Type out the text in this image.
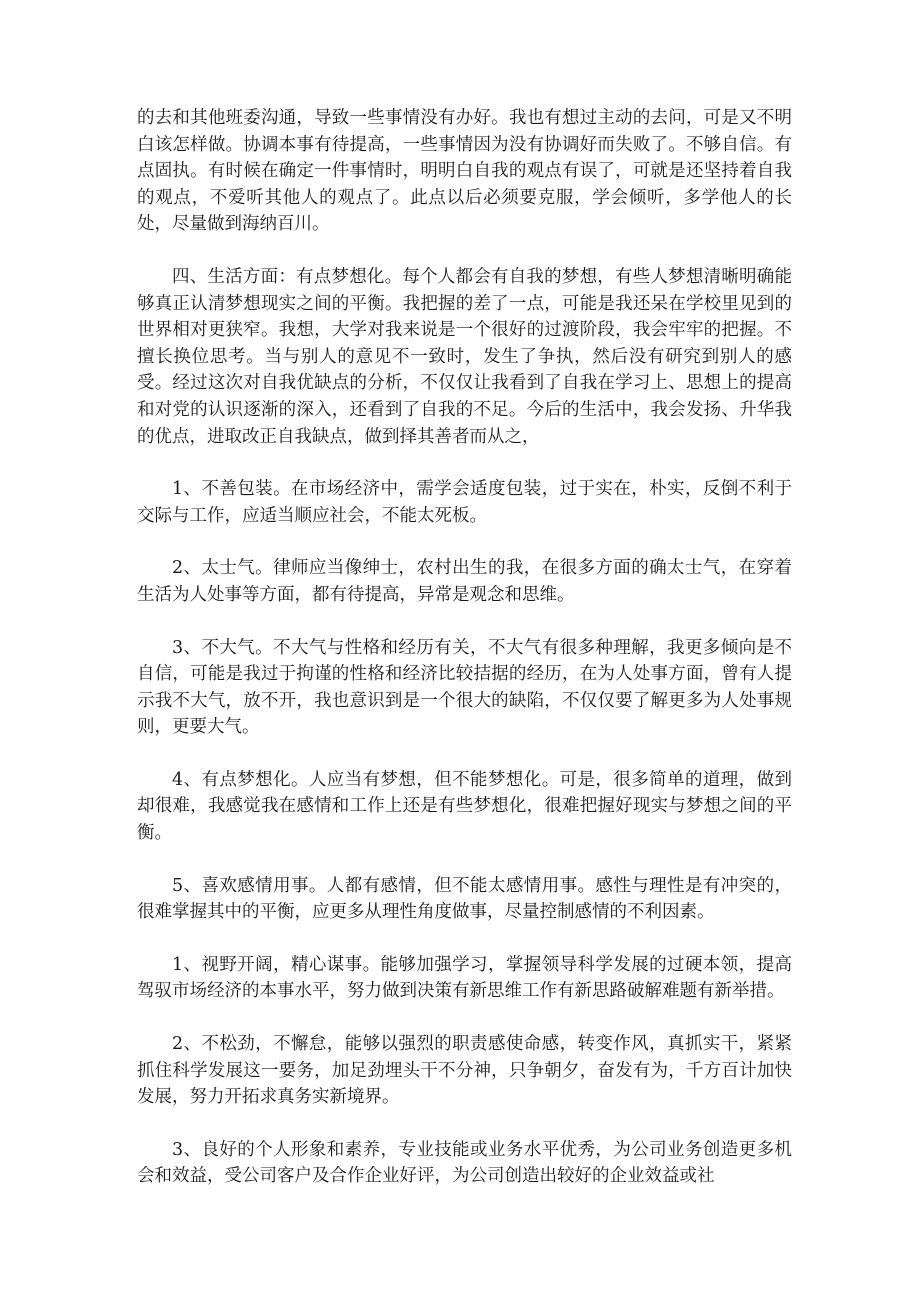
的去和其他班委沟通，导致一些事情没有办好。我也有想过主动的去问，可是又不明白该怎样做。协调本事有待提高，一些事情因为没有协调好而失败了。不够自信。有点固执。有时候在确定一件事情时，明明白自我的观点有误了，可就是还坚持着自我的观点，不爱听其他人的观点了。此点以后必须要克服，学会倾听，多学他人的长处，尽量做到海纳百川。

四、生活方面：有点梦想化。每个人都会有自我的梦想，有些人梦想清晰明确能够真正认清梦想现实之间的平衡。我把握的差了一点，可能是我还呆在学校里见到的世界相对更狭窄。我想，大学对我来说是一个很好的过渡阶段，我会牢牢的把握。不擅长换位思考。当与别人的意见不一致时，发生了争执，然后没有研究到别人的感受。经过这次对自我优缺点的分析，不仅仅让我看到了自我在学习上、思想上的提高和对党的认识逐渐的深入，还看到了自我的不足。今后的生活中，我会发扬、升华我的优点，进取改正自我缺点，做到择其善者而从之，

1、不善包装。在市场经济中，需学会适度包装，过于实在，朴实，反倒不利于交际与工作，应适当顺应社会，不能太死板。

2、太士气。律师应当像绅士，农村出生的我，在很多方面的确太士气，在穿着生活为人处事等方面，都有待提高，异常是观念和思维。

3、不大气。不大气与性格和经历有关，不大气有很多种理解，我更多倾向是不自信，可能是我过于拘谨的性格和经济比较拮据的经历，在为人处事方面，曾有人提示我不大气，放不开，我也意识到是一个很大的缺陷，不仅仅要了解更多为人处事规则，更要大气。

4、有点梦想化。人应当有梦想，但不能梦想化。可是，很多简单的道理，做到却很难，我感觉我在感情和工作上还是有些梦想化，很难把握好现实与梦想之间的平衡。

5、喜欢感情用事。人都有感情，但不能太感情用事。感性与理性是有冲突的，很难掌握其中的平衡，应更多从理性角度做事，尽量控制感情的不利因素。

1、视野开阔，精心谋事。能够加强学习，掌握领导科学发展的过硬本领，提高驾驭市场经济的本事水平，努力做到决策有新思维工作有新思路破解难题有新举措。

2、不松劲，不懈怠，能够以强烈的职责感使命感，转变作风，真抓实干，紧紧抓住科学发展这一要务，加足劲埋头干不分神，只争朝夕，奋发有为，千方百计加快发展，努力开拓求真务实新境界。

3、良好的个人形象和素养，专业技能或业务水平优秀，为公司业务创造更多机会和效益，受公司客户及合作企业好评，为公司创造出较好的企业效益或社
